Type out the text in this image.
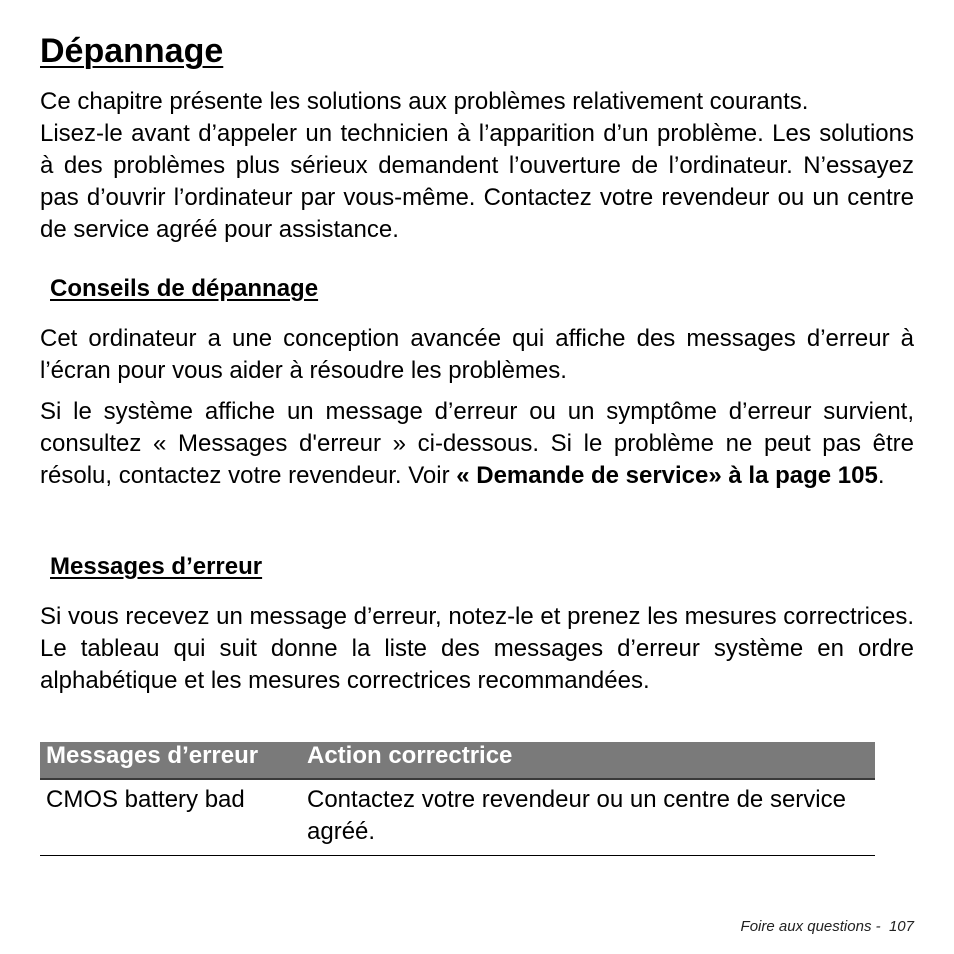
Dépannage

Ce chapitre présente les solutions aux problèmes relativement courants.

Lisez-le avant d’appeler un technicien à l’apparition d’un problème. Les solutions à des problèmes plus sérieux demandent l’ouverture de l’ordinateur. N’essayez pas d’ouvrir l’ordinateur par vous-même. Contactez votre revendeur ou un centre de service agréé pour assistance.

Conseils de dépannage

Cet ordinateur a une conception avancée qui affiche des messages d’erreur à l’écran pour vous aider à résoudre les problèmes.

Si le système affiche un message d’erreur ou un symptôme d’erreur survient, consultez « Messages d'erreur » ci-dessous. Si le problème ne peut pas être résolu, contactez votre revendeur. Voir « Demande de service» à la page 105.

Messages d’erreur

Si vous recevez un message d’erreur, notez-le et prenez les mesures correctrices. Le tableau qui suit donne la liste des messages d’erreur système en ordre alphabétique et les mesures correctrices recommandées.

Messages d’erreur	Action correctrice
CMOS battery bad	Contactez votre revendeur ou un centre de service agréé.
Foire aux questions - 107
